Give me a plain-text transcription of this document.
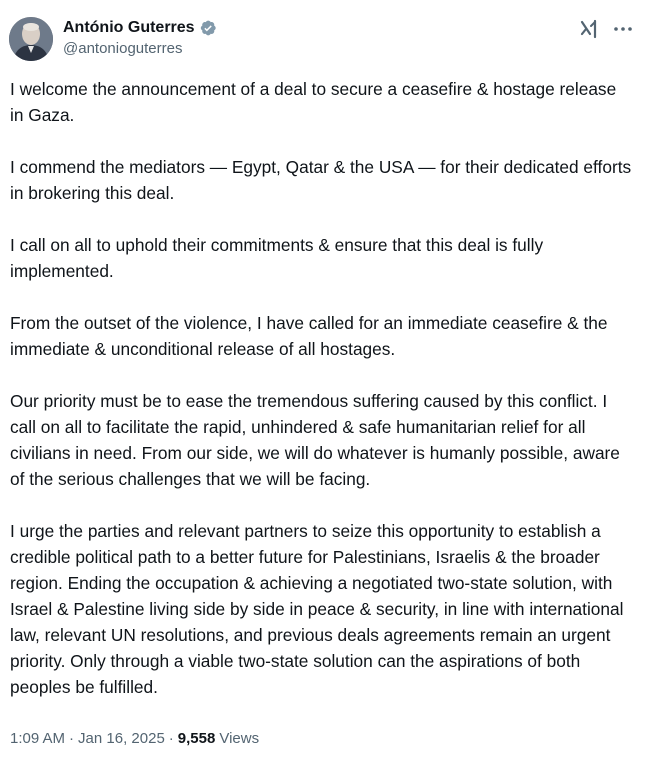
António Guterres
@antonioguterres

I welcome the announcement of a deal to secure a ceasefire & hostage release in Gaza.

I commend the mediators — Egypt, Qatar & the USA — for their dedicated efforts in brokering this deal.

I call on all to uphold their commitments & ensure that this deal is fully implemented.

From the outset of the violence, I have called for an immediate ceasefire & the immediate & unconditional release of all hostages.

Our priority must be to ease the tremendous suffering caused by this conflict. I call on all to facilitate the rapid, unhindered & safe humanitarian relief for all civilians in need. From our side, we will do whatever is humanly possible, aware of the serious challenges that we will be facing.

I urge the parties and relevant partners to seize this opportunity to establish a credible political path to a better future for Palestinians, Israelis & the broader region. Ending the occupation & achieving a negotiated two-state solution, with Israel & Palestine living side by side in peace & security, in line with international law, relevant UN resolutions, and previous deals agreements remain an urgent priority. Only through a viable two-state solution can the aspirations of both peoples be fulfilled.

1:09 AM · Jan 16, 2025 · 9,558 Views
